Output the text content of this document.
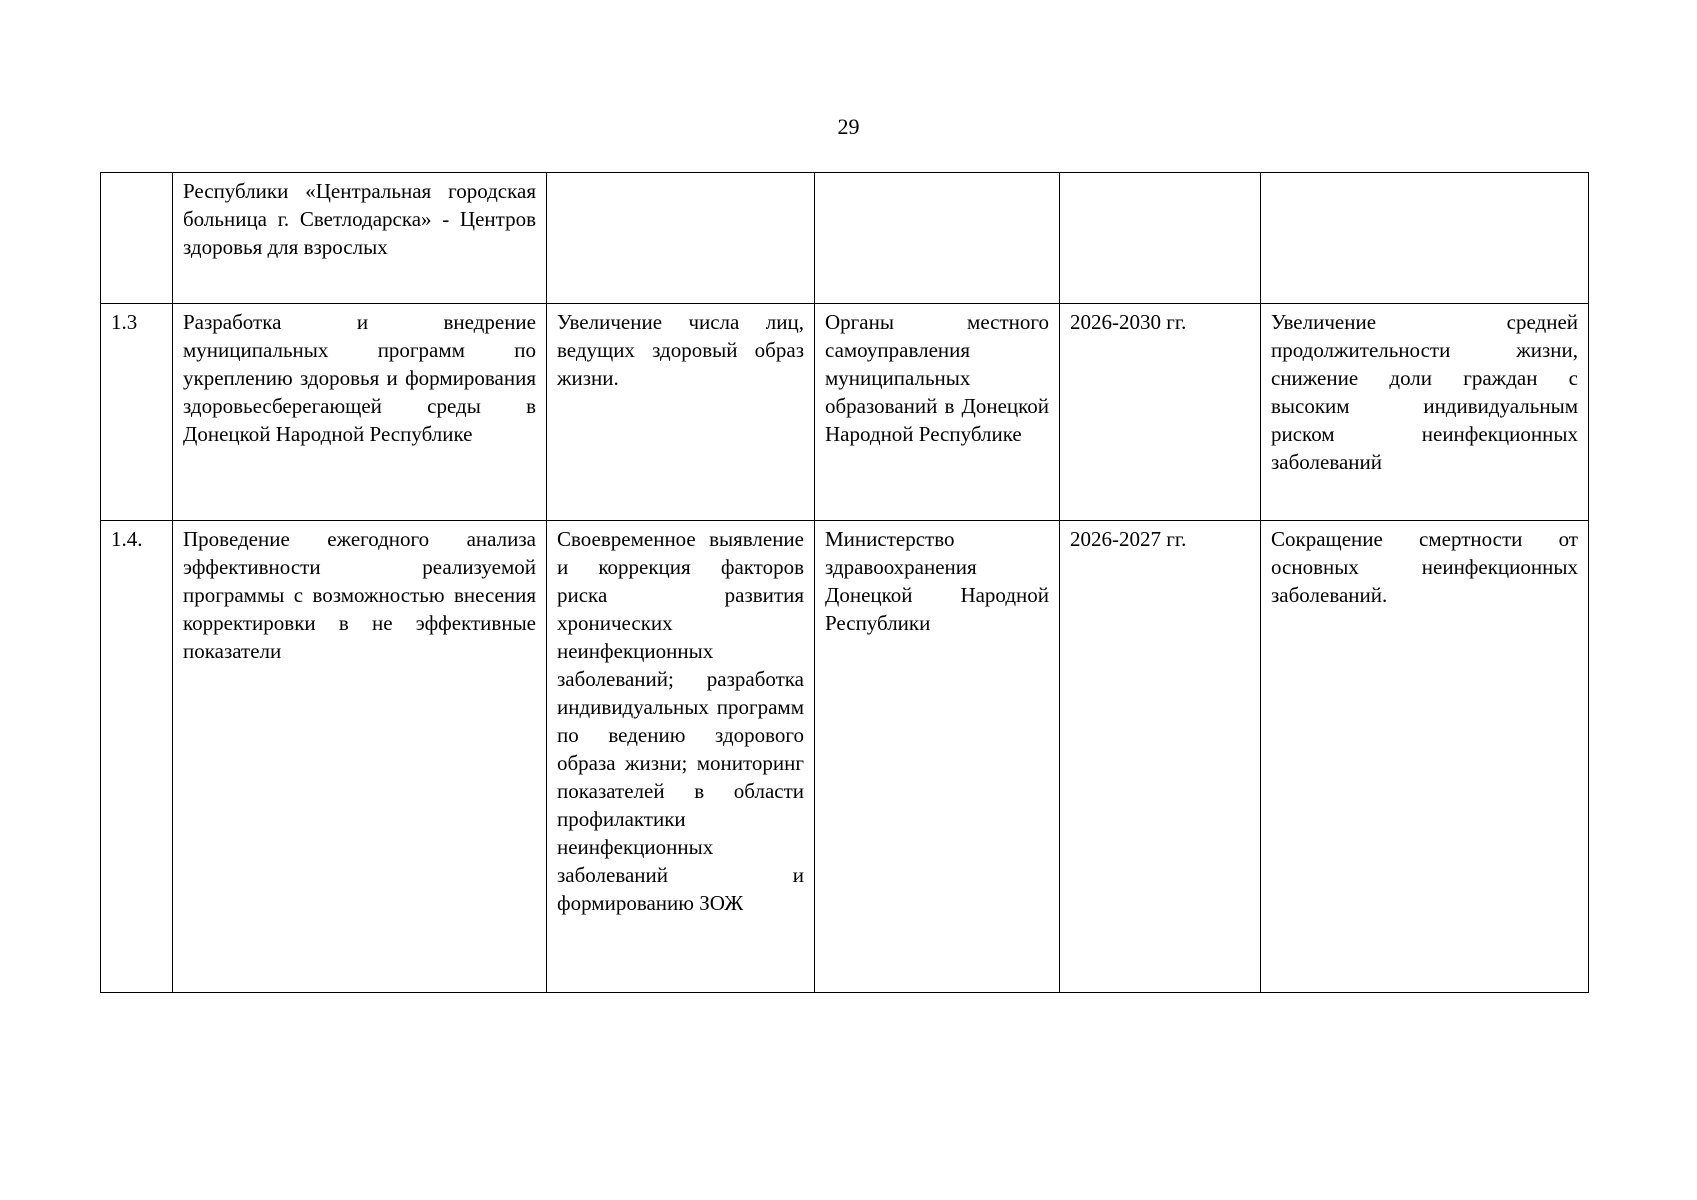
29
	Республики «Центральная городская больница г. Светлодарска» - Центров здоровья для взрослых				
1.3	Разработка и внедрение муниципальных программ по укреплению здоровья и формирования здоровьесберегающей среды в Донецкой Народной Республике	Увеличение числа лиц, ведущих здоровый образ жизни.	Органы местного самоуправления муниципальных образований в Донецкой Народной Республике	2026-2030 гг.	Увеличение средней продолжительности жизни, снижение доли граждан с высоким индивидуальным риском неинфекционных заболеваний
1.4.	Проведение ежегодного анализа эффективности реализуемой программы с возможностью внесения корректировки в не эффективные показатели	Своевременное выявление и коррекция факторов риска развития хронических неинфекционных заболеваний; разработка индивидуальных программ по ведению здорового образа жизни; мониторинг показателей в области профилактики неинфекционных заболеваний и формированию ЗОЖ	Министерство здравоохранения Донецкой Народной Республики	2026-2027 гг.	Сокращение смертности от основных неинфекционных заболеваний.
